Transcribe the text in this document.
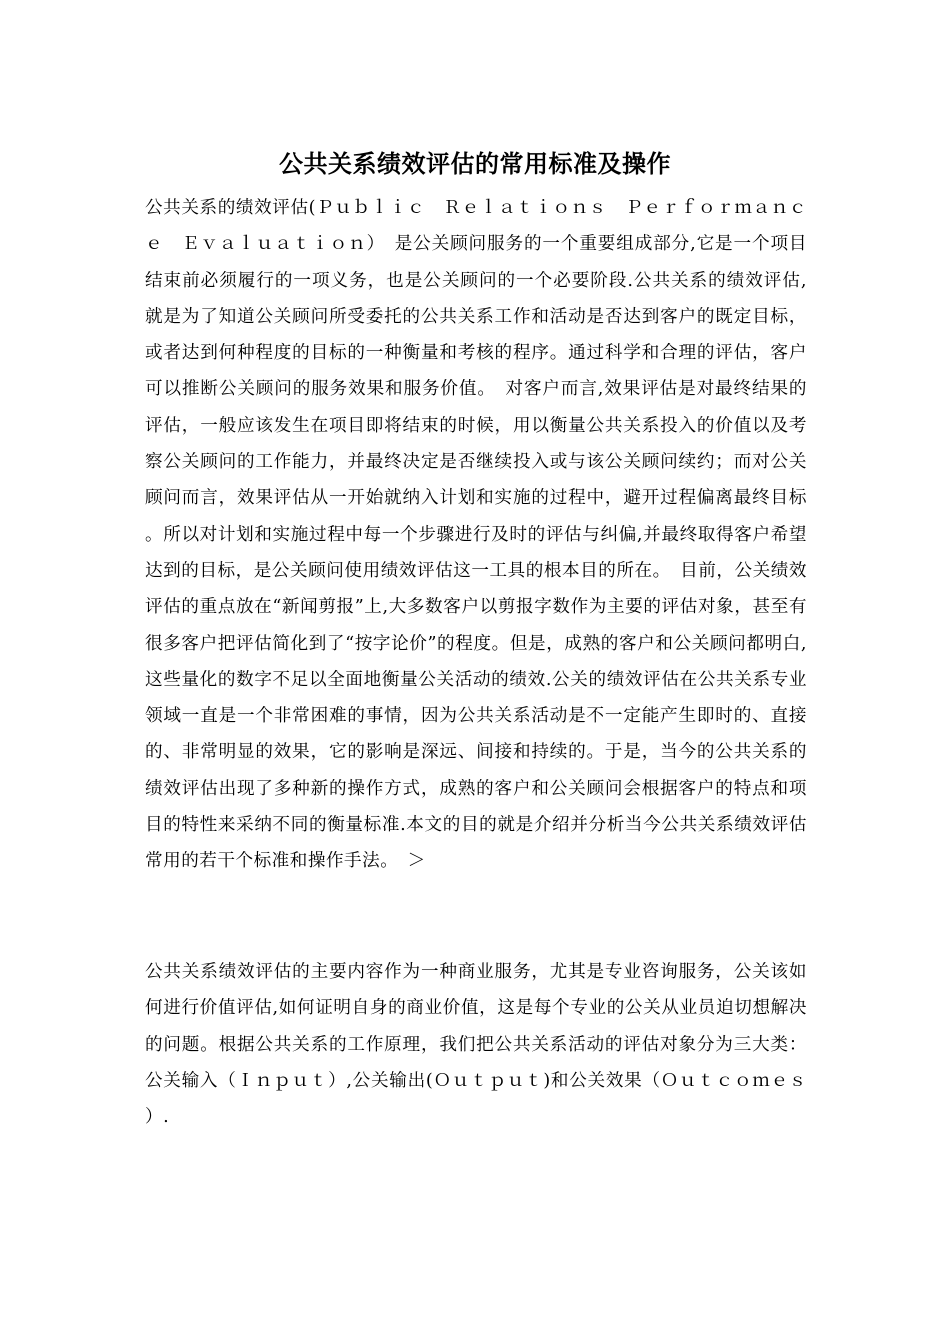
公共关系绩效评估的常用标准及操作

公共关系的绩效评估(Ｐｕｂｌｉｃ　Ｒｅｌａｔｉｏｎｓ　Ｐｅｒｆｏｒｍａｎｃｅ　Ｅｖａｌｕａｔｉｏｎ）　是公关顾问服务的一个重要组成部分,它是一个项目结束前必须履行的一项义务，也是公关顾问的一个必要阶段.公共关系的绩效评估,就是为了知道公关顾问所受委托的公共关系工作和活动是否达到客户的既定目标，或者达到何种程度的目标的一种衡量和考核的程序。通过科学和合理的评估，客户可以推断公关顾问的服务效果和服务价值。　对客户而言,效果评估是对最终结果的评估，一般应该发生在项目即将结束的时候，用以衡量公共关系投入的价值以及考察公关顾问的工作能力，并最终决定是否继续投入或与该公关顾问续约；而对公关顾问而言，效果评估从一开始就纳入计划和实施的过程中，避开过程偏离最终目标。所以对计划和实施过程中每一个步骤进行及时的评估与纠偏,并最终取得客户希望达到的目标，是公关顾问使用绩效评估这一工具的根本目的所在。　目前，公关绩效评估的重点放在“新闻剪报”上,大多数客户以剪报字数作为主要的评估对象，甚至有很多客户把评估简化到了“按字论价”的程度。但是，成熟的客户和公关顾问都明白,这些量化的数字不足以全面地衡量公关活动的绩效.公关的绩效评估在公共关系专业领域一直是一个非常困难的事情，因为公共关系活动是不一定能产生即时的、直接的、非常明显的效果，它的影响是深远、间接和持续的。于是，当今的公共关系的绩效评估出现了多种新的操作方式，成熟的客户和公关顾问会根据客户的特点和项目的特性来采纳不同的衡量标准.本文的目的就是介绍并分析当今公共关系绩效评估常用的若干个标准和操作手法。　＞

公共关系绩效评估的主要内容作为一种商业服务，尤其是专业咨询服务，公关该如何进行价值评估,如何证明自身的商业价值，这是每个专业的公关从业员迫切想解决的问题。根据公共关系的工作原理，我们把公共关系活动的评估对象分为三大类：公关输入（Ｉｎｐｕｔ）,公关输出(Ｏｕｔｐｕｔ)和公关效果（Ｏｕｔｃｏｍｅｓ）.
